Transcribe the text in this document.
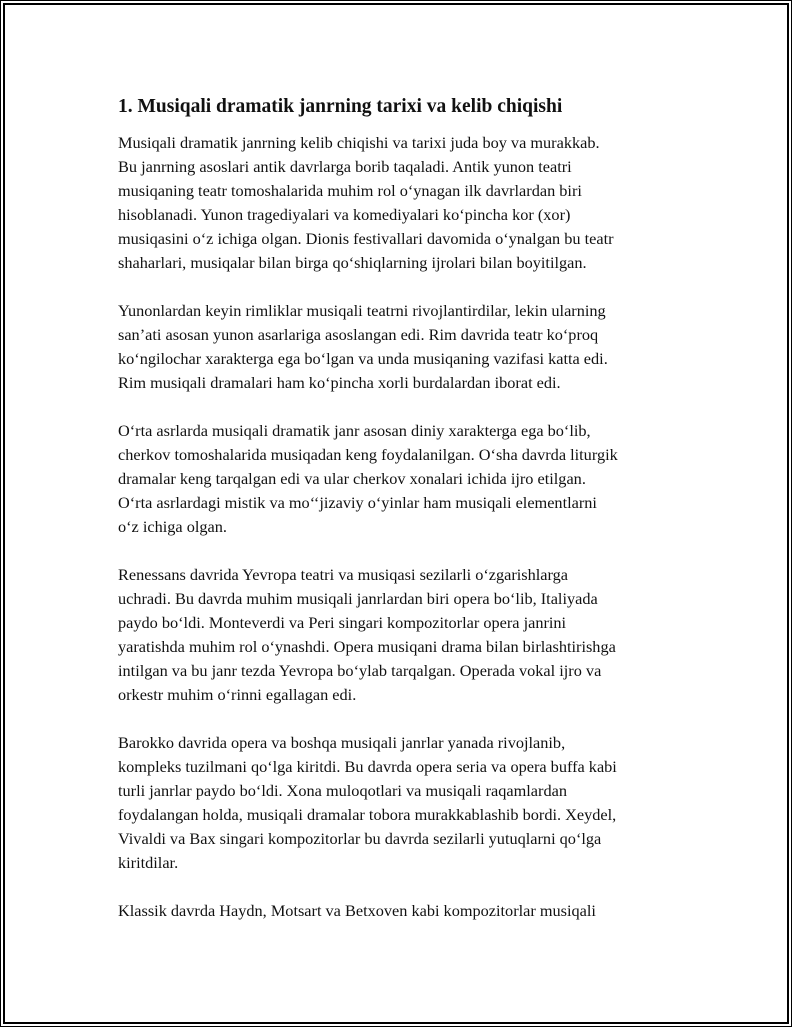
1. Musiqali dramatik janrning tarixi va kelib chiqishi

Musiqali dramatik janrning kelib chiqishi va tarixi juda boy va murakkab.
Bu janrning asoslari antik davrlarga borib taqaladi. Antik yunon teatri
musiqaning teatr tomoshalarida muhim rol o‘ynagan ilk davrlardan biri
hisoblanadi. Yunon tragediyalari va komediyalari ko‘pincha kor (xor)
musiqasini o‘z ichiga olgan. Dionis festivallari davomida o‘ynalgan bu teatr
shaharlari, musiqalar bilan birga qo‘shiqlarning ijrolari bilan boyitilgan.

Yunonlardan keyin rimliklar musiqali teatrni rivojlantirdilar, lekin ularning
san’ati asosan yunon asarlariga asoslangan edi. Rim davrida teatr ko‘proq
ko‘ngilochar xarakterga ega bo‘lgan va unda musiqaning vazifasi katta edi.
Rim musiqali dramalari ham ko‘pincha xorli burdalardan iborat edi.

O‘rta asrlarda musiqali dramatik janr asosan diniy xarakterga ega bo‘lib,
cherkov tomoshalarida musiqadan keng foydalanilgan. O‘sha davrda liturgik
dramalar keng tarqalgan edi va ular cherkov xonalari ichida ijro etilgan.
O‘rta asrlardagi mistik va mo‘‘jizaviy o‘yinlar ham musiqali elementlarni
o‘z ichiga olgan.

Renessans davrida Yevropa teatri va musiqasi sezilarli o‘zgarishlarga
uchradi. Bu davrda muhim musiqali janrlardan biri opera bo‘lib, Italiyada
paydo bo‘ldi. Monteverdi va Peri singari kompozitorlar opera janrini
yaratishda muhim rol o‘ynashdi. Opera musiqani drama bilan birlashtirishga
intilgan va bu janr tezda Yevropa bo‘ylab tarqalgan. Operada vokal ijro va
orkestr muhim o‘rinni egallagan edi.

Barokko davrida opera va boshqa musiqali janrlar yanada rivojlanib,
kompleks tuzilmani qo‘lga kiritdi. Bu davrda opera seria va opera buffa kabi
turli janrlar paydo bo‘ldi. Xona muloqotlari va musiqali raqamlardan
foydalangan holda, musiqali dramalar tobora murakkablashib bordi. Xeydel,
Vivaldi va Bax singari kompozitorlar bu davrda sezilarli yutuqlarni qo‘lga
kiritdilar.

Klassik davrda Haydn, Motsart va Betxoven kabi kompozitorlar musiqali
